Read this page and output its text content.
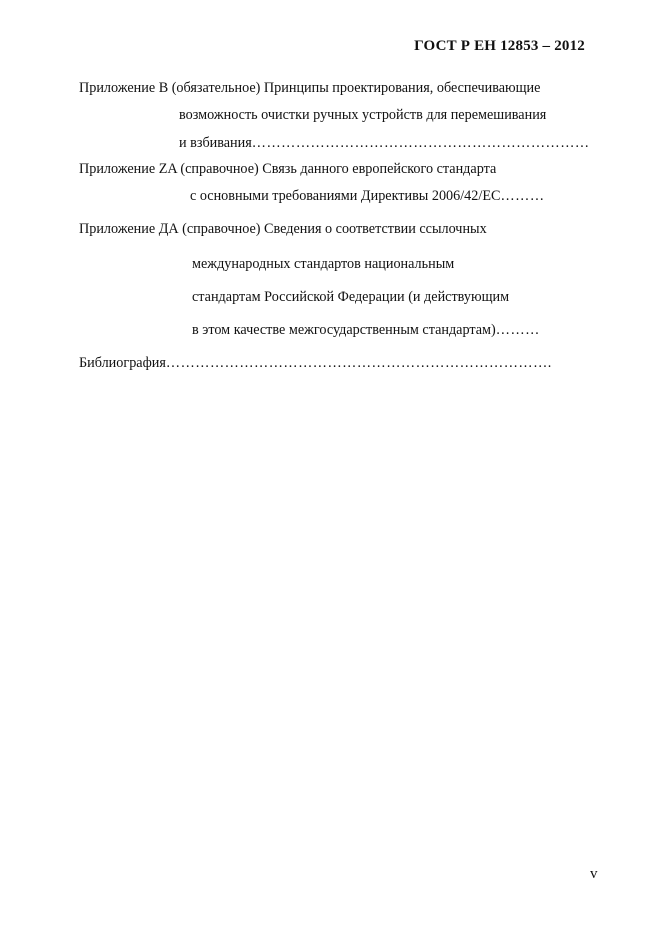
ГОСТ Р ЕН 12853 – 2012
Приложение В (обязательное) Принципы проектирования, обеспечивающие
возможность очистки ручных устройств для перемешивания
и взбивания……………………………………………………………
Приложение ZA (справочное) Связь данного европейского стандарта
с основными требованиями Директивы 2006/42/ЕС………
Приложение ДА (справочное) Сведения о соответствии ссылочных
международных стандартов национальным
стандартам Российской Федерации (и действующим
в этом качестве межгосударственным стандартам)………
Библиография…………………………………………………………………….
v
